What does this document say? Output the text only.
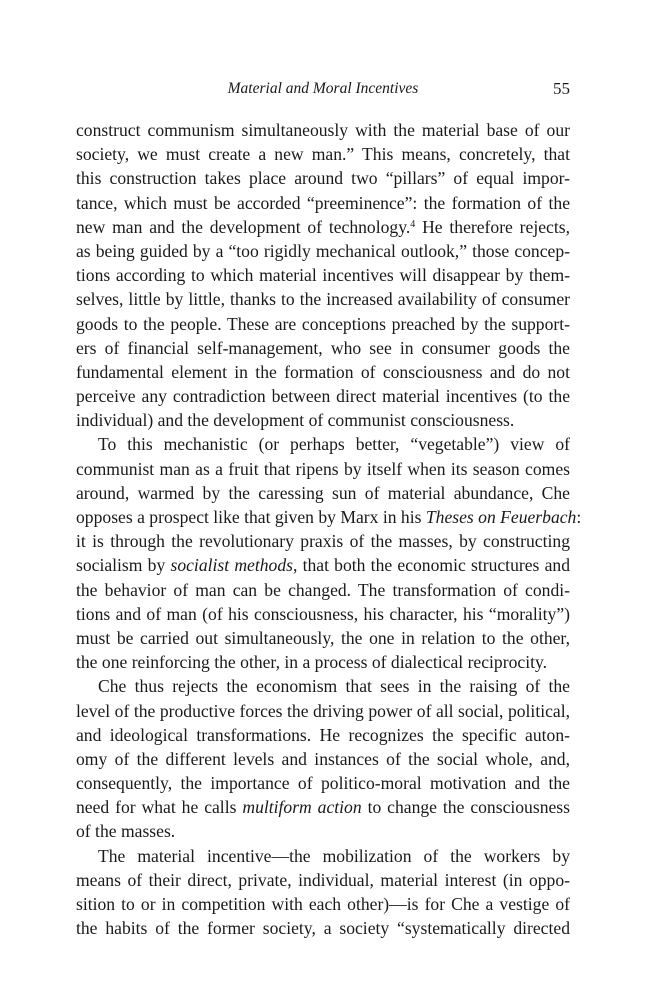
Material and Moral Incentives	55
construct communism simultaneously with the material base of our
society, we must create a new man.” This means, concretely, that
this construction takes place around two “pillars” of equal impor-
tance, which must be accorded “preeminence”: the formation of the
new man and the development of technology.$^4$ He therefore rejects,
as being guided by a “too rigidly mechanical outlook,” those concep-
tions according to which material incentives will disappear by them-
selves, little by little, thanks to the increased availability of consumer
goods to the people. These are conceptions preached by the support-
ers of financial self-management, who see in consumer goods the
fundamental element in the formation of consciousness and do not
perceive any contradiction between direct material incentives (to the
individual) and the development of communist consciousness.
To this mechanistic (or perhaps better, “vegetable”) view of
communist man as a fruit that ripens by itself when its season comes
around, warmed by the caressing sun of material abundance, Che
opposes a prospect like that given by Marx in his Theses on Feuerbach:
it is through the revolutionary praxis of the masses, by constructing
socialism by socialist methods, that both the economic structures and
the behavior of man can be changed. The transformation of condi-
tions and of man (of his consciousness, his character, his “morality”)
must be carried out simultaneously, the one in relation to the other,
the one reinforcing the other, in a process of dialectical reciprocity.
Che thus rejects the economism that sees in the raising of the
level of the productive forces the driving power of all social, political,
and ideological transformations. He recognizes the specific auton-
omy of the different levels and instances of the social whole, and,
consequently, the importance of politico-moral motivation and the
need for what he calls multiform action to change the consciousness
of the masses.
The material incentive—the mobilization of the workers by
means of their direct, private, individual, material interest (in oppo-
sition to or in competition with each other)—is for Che a vestige of
the habits of the former society, a society “systematically directed
